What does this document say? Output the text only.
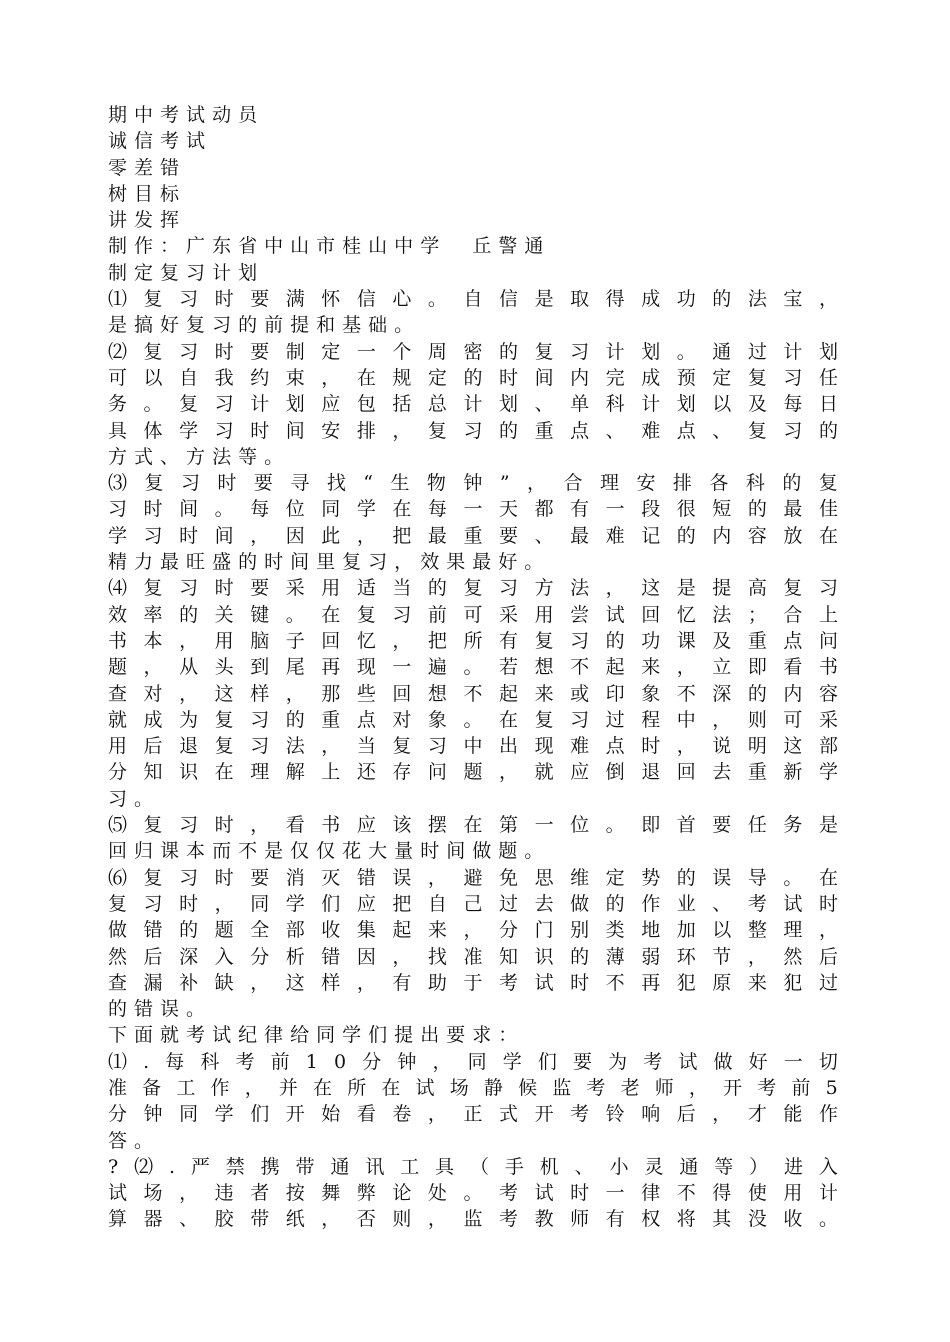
期 中 考 试 动 员
诚 信 考 试
零 差 错
树 目 标
讲 发 挥
制 作 ： 广 东 省 中 山 市 桂 山 中 学

丘 警 通
制 定 复 习 计 划
⑴ 复 习 时 要 满 怀 信 心 。 自 信 是 取 得 成 功 的 法 宝 ，
是 搞 好 复 习 的 前 提 和 基 础 。
⑵ 复 习 时 要 制 定 一 个 周 密 的 复 习 计 划 。 通 过 计 划
可 以 自 我 约 束 ， 在 规 定 的 时 间 内 完 成 预 定 复 习 任
务 。 复 习 计 划 应 包 括 总 计 划 、 单 科 计 划 以 及 每 日
具 体 学 习 时 间 安 排 ， 复 习 的 重 点 、 难 点 、 复 习 的
方 式 、 方 法 等 。
⑶ 复 习 时 要 寻 找 “ 生 物 钟 ” ， 合 理 安 排 各 科 的 复
习 时 间 。 每 位 同 学 在 每 一 天 都 有 一 段 很 短 的 最 佳
学 习 时 间 ， 因 此 ， 把 最 重 要 、 最 难 记 的 内 容 放 在
精 力 最 旺 盛 的 时 间 里 复 习 ， 效 果 最 好 。
⑷ 复 习 时 要 采 用 适 当 的 复 习 方 法 ， 这 是 提 高 复 习
效 率 的 关 键 。 在 复 习 前 可 采 用 尝 试 回 忆 法 ； 合 上
书 本 ， 用 脑 子 回 忆 ， 把 所 有 复 习 的 功 课 及 重 点 问
题 ， 从 头 到 尾 再 现 一 遍 。 若 想 不 起 来 ， 立 即 看 书
查 对 ， 这 样 ， 那 些 回 想 不 起 来 或 印 象 不 深 的 内 容
就 成 为 复 习 的 重 点 对 象 。 在 复 习 过 程 中 ， 则 可 采
用 后 退 复 习 法 ， 当 复 习 中 出 现 难 点 时 ， 说 明 这 部
分 知 识 在 理 解 上 还 存 问 题 ， 就 应 倒 退 回 去 重 新 学
习 。
⑸ 复 习 时 ， 看 书 应 该 摆 在 第 一 位 。 即 首 要 任 务 是
回 归 课 本 而 不 是 仅 仅 花 大 量 时 间 做 题 。
⑹ 复 习 时 要 消 灭 错 误 ， 避 免 思 维 定 势 的 误 导 。 在
复 习 时 ， 同 学 们 应 把 自 己 过 去 做 的 作 业 、 考 试 时
做 错 的 题 全 部 收 集 起 来 ， 分 门 别 类 地 加 以 整 理 ，
然 后 深 入 分 析 错 因 ， 找 准 知 识 的 薄 弱 环 节 ， 然 后
查 漏 补 缺 ， 这 样 ， 有 助 于 考 试 时 不 再 犯 原 来 犯 过
的 错 误 。
下 面 就 考 试 纪 律 给 同 学 们 提 出 要 求 ：
⑴ . 每 科 考 前 1 0 分 钟 ， 同 学 们 要 为 考 试 做 好 一 切
准 备 工 作 ， 并 在 所 在 试 场 静 候 监 考 老 师 ， 开 考 前 5
分 钟 同 学 们 开 始 看 卷 ， 正 式 开 考 铃 响 后 ， 才 能 作
答 。
? ⑵ . 严 禁 携 带 通 讯 工 具 （ 手 机 、 小 灵 通 等 ） 进 入
试 场 ， 违 者 按 舞 弊 论 处 。 考 试 时 一 律 不 得 使 用 计
算 器 、 胶 带 纸 ， 否 则 ， 监 考 教 师 有 权 将 其 没 收 。
